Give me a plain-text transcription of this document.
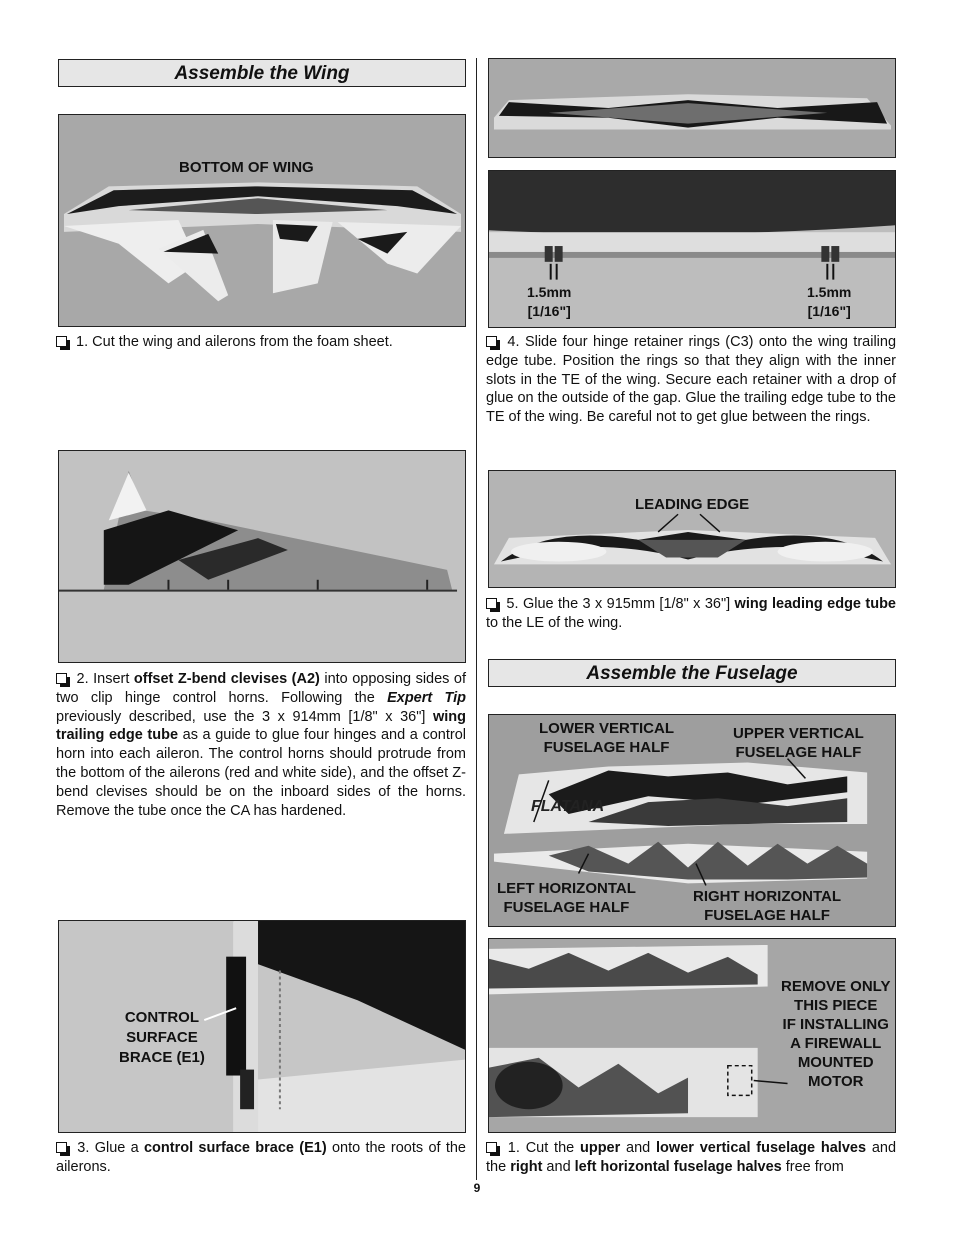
Assemble the Wing
BOTTOM OF WING
1. Cut the wing and ailerons from the foam sheet.
2. Insert offset Z-bend clevises (A2) into opposing sides of two clip hinge control horns. Following the Expert Tip previously described, use the 3 x 914mm [1/8" x 36"] wing trailing edge tube as a guide to glue four hinges and a control horn into each aileron. The control horns should protrude from the bottom of the ailerons (red and white side), and the offset Z-bend clevises should be on the inboard sides of the horns. Remove the tube once the CA has hardened.
CONTROL
SURFACE
BRACE (E1)
3. Glue a control surface brace (E1) onto the roots of the ailerons.
1.5mm
[1/16"]
1.5mm
[1/16"]
4. Slide four hinge retainer rings (C3) onto the wing trailing edge tube. Position the rings so that they align with the inner slots in the TE of the wing. Secure each retainer with a drop of glue on the outside of the gap. Glue the trailing edge tube to the TE of the wing. Be careful not to get glue between the rings.
LEADING EDGE
5. Glue the 3 x 915mm [1/8" x 36"] wing leading edge tube to the LE of the wing.
Assemble the Fuselage
FLATANA
LOWER VERTICAL
FUSELAGE HALF
UPPER VERTICAL
FUSELAGE HALF
LEFT HORIZONTAL
FUSELAGE HALF
RIGHT HORIZONTAL
FUSELAGE HALF
REMOVE ONLY
THIS PIECE
IF INSTALLING
A FIREWALL
MOUNTED
MOTOR
1. Cut the upper and lower vertical fuselage halves and the right and left horizontal fuselage halves free from
9
